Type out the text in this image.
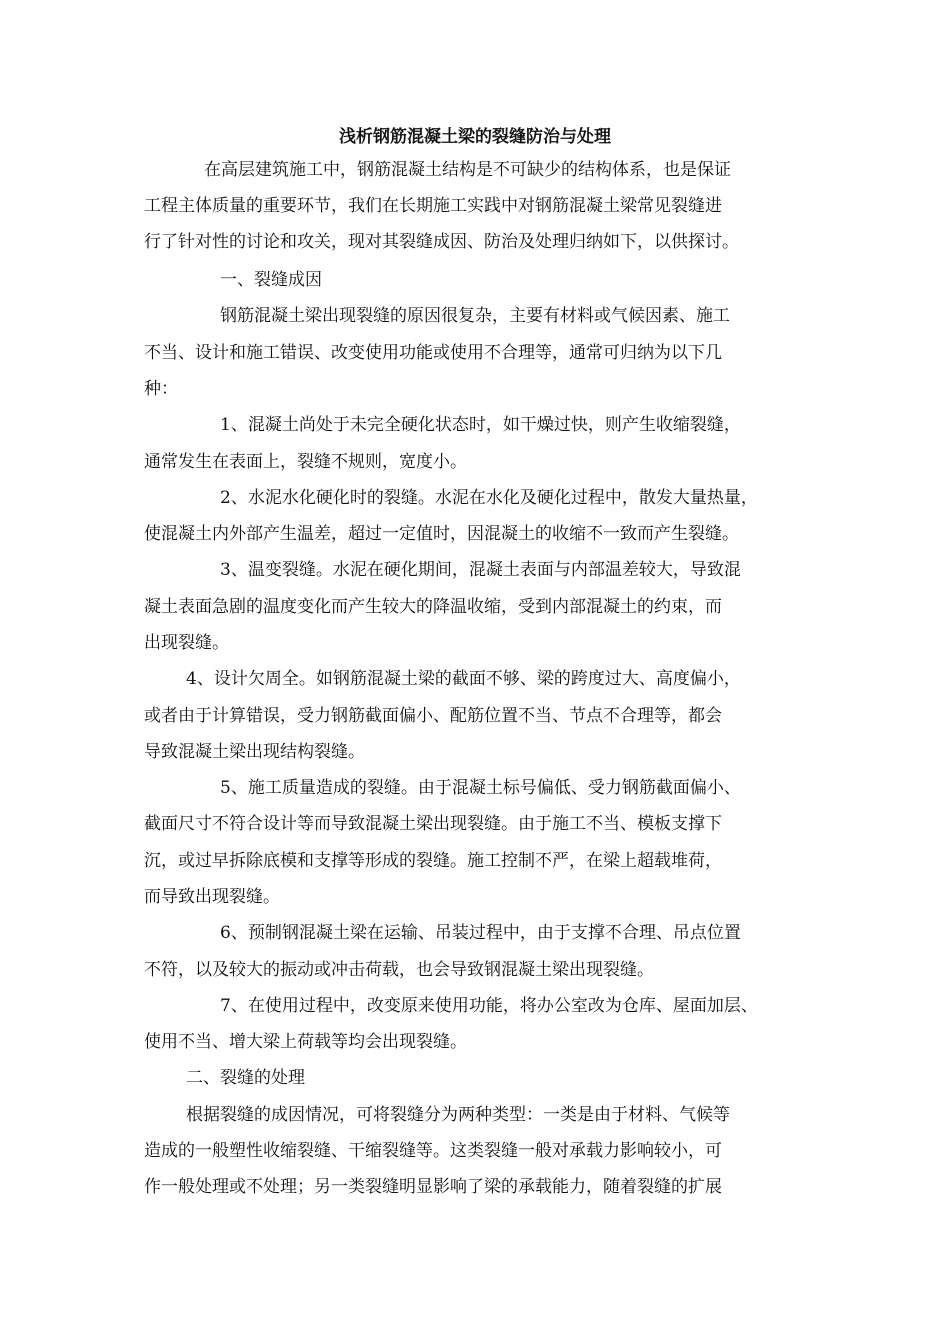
浅析钢筋混凝土梁的裂缝防治与处理
在高层建筑施工中，钢筋混凝土结构是不可缺少的结构体系，也是保证
工程主体质量的重要环节，我们在长期施工实践中对钢筋混凝土梁常见裂缝进
行了针对性的讨论和攻关，现对其裂缝成因、防治及处理归纳如下，以供探讨。
一、裂缝成因
钢筋混凝土梁出现裂缝的原因很复杂，主要有材料或气候因素、施工
不当、设计和施工错误、改变使用功能或使用不合理等，通常可归纳为以下几
种：
1、混凝土尚处于未完全硬化状态时，如干燥过快，则产生收缩裂缝，
通常发生在表面上，裂缝不规则，宽度小。
2、水泥水化硬化时的裂缝。水泥在水化及硬化过程中，散发大量热量，
使混凝土内外部产生温差，超过一定值时，因混凝土的收缩不一致而产生裂缝。
3、温变裂缝。水泥在硬化期间，混凝土表面与内部温差较大，导致混
凝土表面急剧的温度变化而产生较大的降温收缩，受到内部混凝土的约束，而
出现裂缝。
4、设计欠周全。如钢筋混凝土梁的截面不够、梁的跨度过大、高度偏小，
或者由于计算错误，受力钢筋截面偏小、配筋位置不当、节点不合理等，都会
导致混凝土梁出现结构裂缝。
5、施工质量造成的裂缝。由于混凝土标号偏低、受力钢筋截面偏小、
截面尺寸不符合设计等而导致混凝土梁出现裂缝。由于施工不当、模板支撑下
沉，或过早拆除底模和支撑等形成的裂缝。施工控制不严，在梁上超载堆荷，
而导致出现裂缝。
6、预制钢混凝土梁在运输、吊装过程中，由于支撑不合理、吊点位置
不符，以及较大的振动或冲击荷载，也会导致钢混凝土梁出现裂缝。
7、在使用过程中，改变原来使用功能，将办公室改为仓库、屋面加层、
使用不当、增大梁上荷载等均会出现裂缝。
二、裂缝的处理
根据裂缝的成因情况，可将裂缝分为两种类型：一类是由于材料、气候等
造成的一般塑性收缩裂缝、干缩裂缝等。这类裂缝一般对承载力影响较小，可
作一般处理或不处理；另一类裂缝明显影响了梁的承载能力，随着裂缝的扩展
